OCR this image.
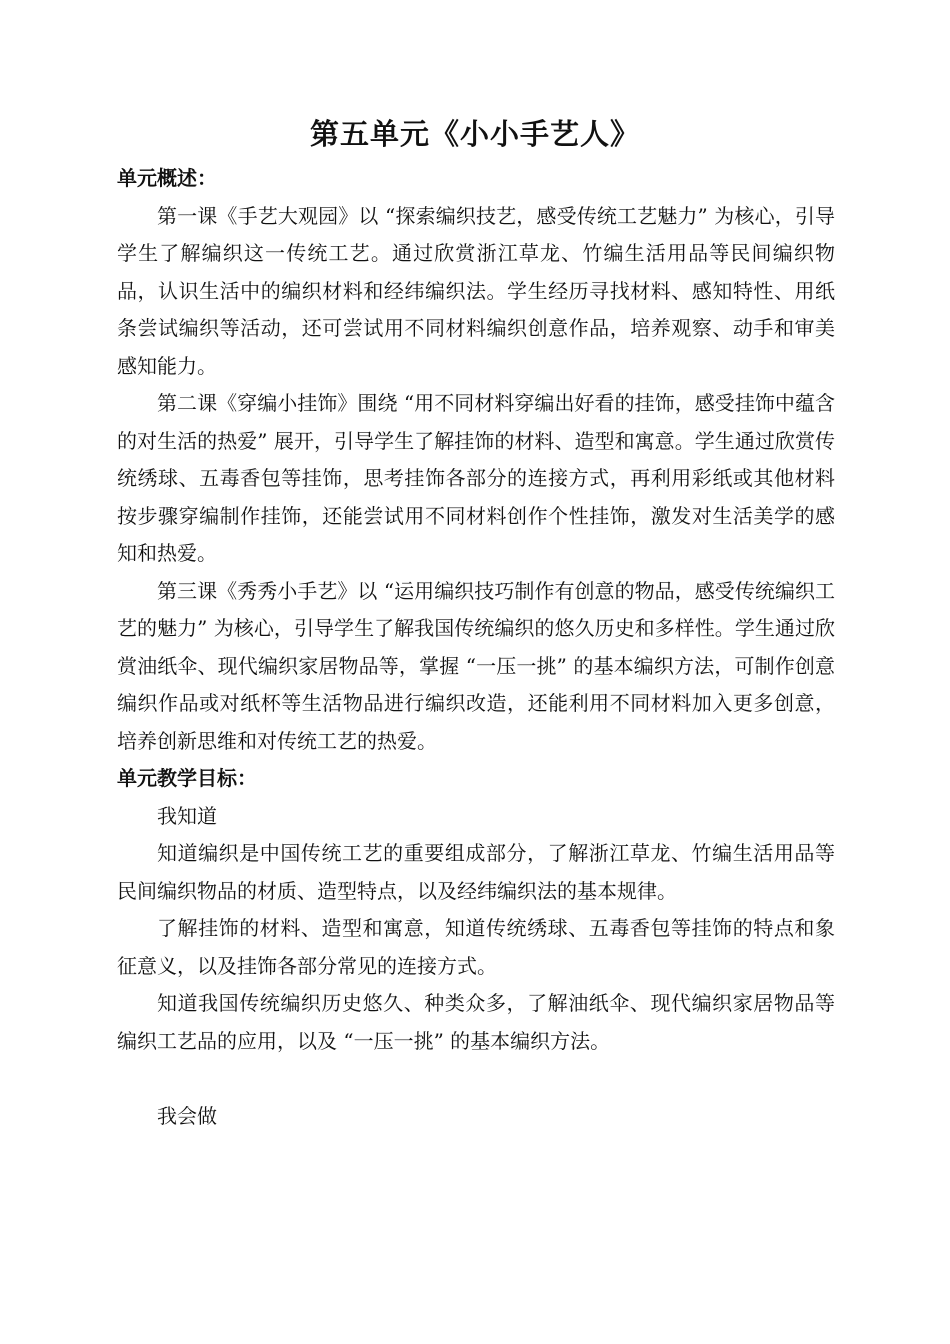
第五单元《小小手艺人》
单元概述：

第一课《手艺大观园》以 “探索编织技艺，感受传统工艺魅力” 为核心，引导学生了解编织这一传统工艺。通过欣赏浙江草龙、竹编生活用品等民间编织物品，认识生活中的编织材料和经纬编织法。学生经历寻找材料、感知特性、用纸条尝试编织等活动，还可尝试用不同材料编织创意作品，培养观察、动手和审美感知能力。

第二课《穿编小挂饰》围绕 “用不同材料穿编出好看的挂饰，感受挂饰中蕴含的对生活的热爱” 展开，引导学生了解挂饰的材料、造型和寓意。学生通过欣赏传统绣球、五毒香包等挂饰，思考挂饰各部分的连接方式，再利用彩纸或其他材料按步骤穿编制作挂饰，还能尝试用不同材料创作个性挂饰，激发对生活美学的感知和热爱。

第三课《秀秀小手艺》以 “运用编织技巧制作有创意的物品，感受传统编织工艺的魅力” 为核心，引导学生了解我国传统编织的悠久历史和多样性。学生通过欣赏油纸伞、现代编织家居物品等，掌握 “一压一挑” 的基本编织方法，可制作创意编织作品或对纸杯等生活物品进行编织改造，还能利用不同材料加入更多创意，培养创新思维和对传统工艺的热爱。

单元教学目标：

我知道

知道编织是中国传统工艺的重要组成部分，了解浙江草龙、竹编生活用品等民间编织物品的材质、造型特点，以及经纬编织法的基本规律。

了解挂饰的材料、造型和寓意，知道传统绣球、五毒香包等挂饰的特点和象征意义，以及挂饰各部分常见的连接方式。

知道我国传统编织历史悠久、种类众多，了解油纸伞、现代编织家居物品等编织工艺品的应用，以及 “一压一挑” 的基本编织方法。

我会做
